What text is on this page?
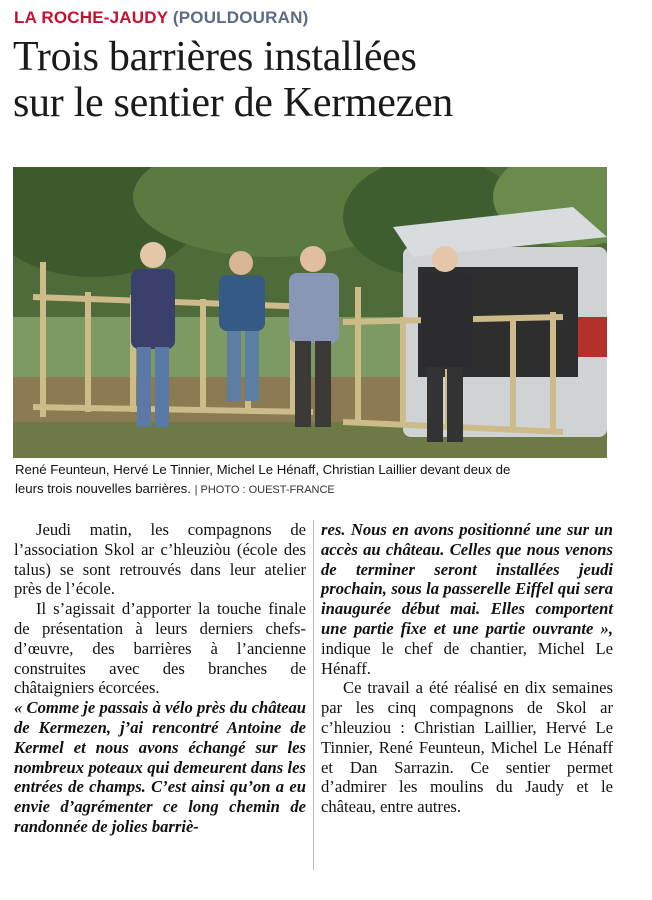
LA ROCHE-JAUDY (POULDOURAN)
Trois barrières installées
sur le sentier de Kermezen
René Feunteun, Hervé Le Tinnier, Michel Le Hénaff, Christian Laillier devant deux de
leurs trois nouvelles barrières. | PHOTO : OUEST-FRANCE

Jeudi matin, les compagnons de l’association Skol ar c’hleuziòu (école des talus) se sont retrouvés dans leur atelier près de l’école.

Il s’agissait d’apporter la touche finale de présentation à leurs derniers chefs-d’œuvre, des barrières à l’ancienne construites avec des branches de châtaigniers écorcées.

« Comme je passais à vélo près du château de Kermezen, j’ai rencontré Antoine de Kermel et nous avons échangé sur les nombreux poteaux qui demeurent dans les entrées de champs. C’est ainsi qu’on a eu envie d’agrémenter ce long chemin de randonnée de jolies barriè-

res. Nous en avons positionné une sur un accès au château. Celles que nous venons de terminer seront installées jeudi prochain, sous la passerelle Eiffel qui sera inaugurée début mai. Elles comportent une partie fixe et une partie ouvrante », indique le chef de chantier, Michel Le Hénaff.

Ce travail a été réalisé en dix semaines par les cinq compagnons de Skol ar c’hleuziou : Christian Laillier, Hervé Le Tinnier, René Feunteun, Michel Le Hénaff et Dan Sarrazin. Ce sentier permet d’admirer les moulins du Jaudy et le château, entre autres.
